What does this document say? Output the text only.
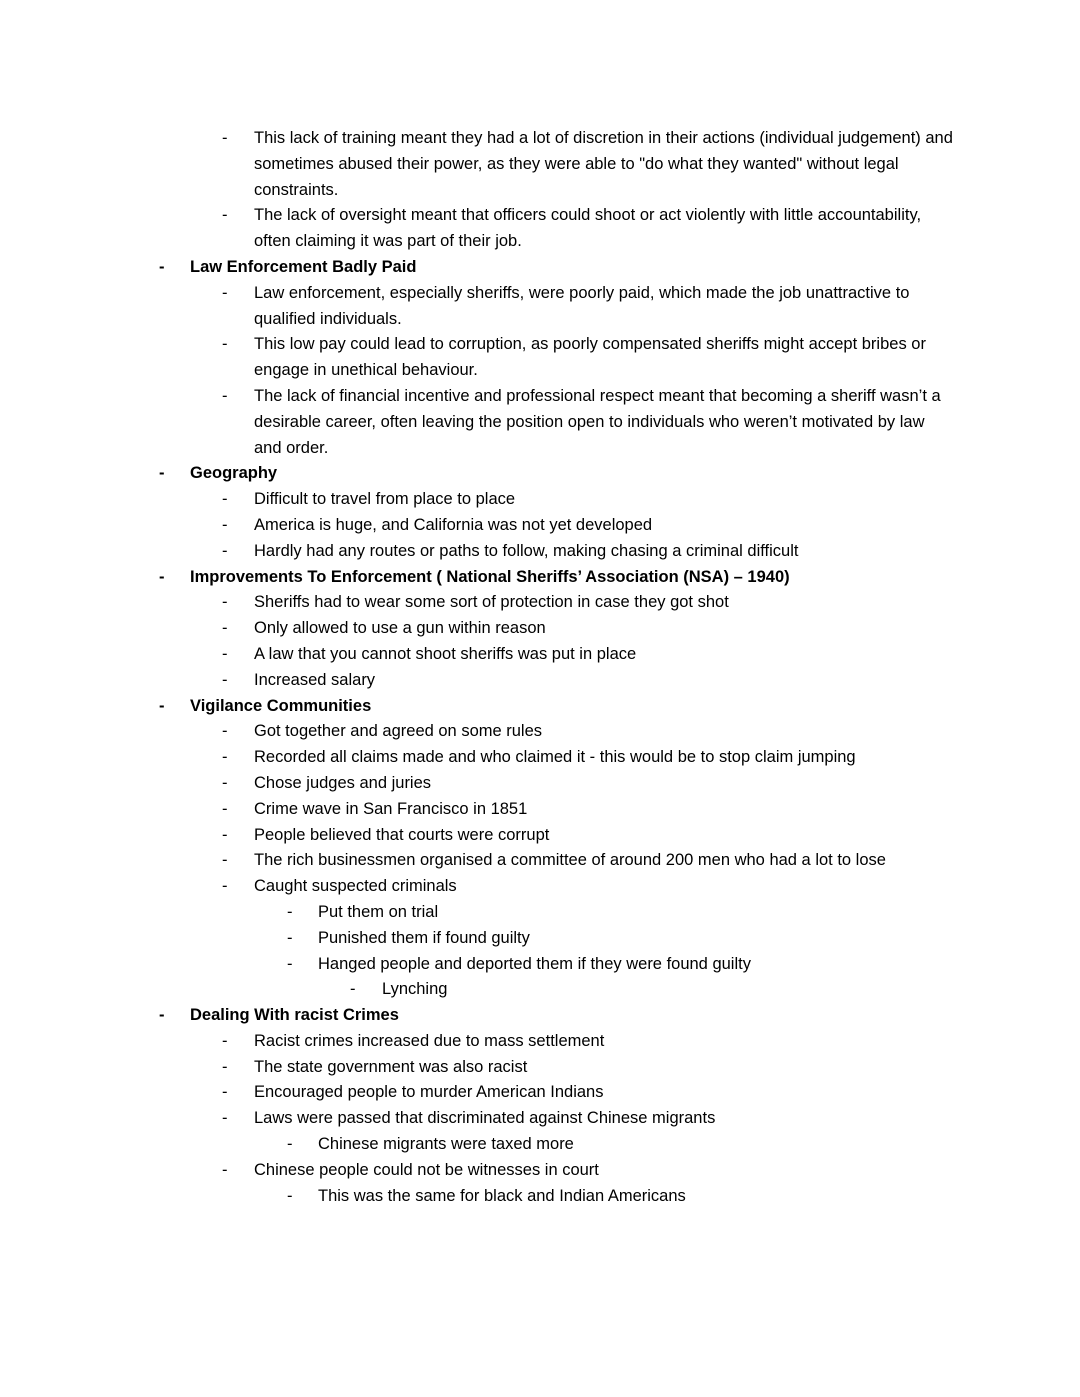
- This lack of training meant they had a lot of discretion in their actions (individual judgement) and sometimes abused their power, as they were able to "do what they wanted" without legal constraints.
- The lack of oversight meant that officers could shoot or act violently with little accountability, often claiming it was part of their job.
- Law Enforcement Badly Paid
- Law enforcement, especially sheriffs, were poorly paid, which made the job unattractive to qualified individuals.
- This low pay could lead to corruption, as poorly compensated sheriffs might accept bribes or engage in unethical behaviour.
- The lack of financial incentive and professional respect meant that becoming a sheriff wasn’t a desirable career, often leaving the position open to individuals who weren’t motivated by law and order.
- Geography
- Difficult to travel from place to place
- America is huge, and California was not yet developed
- Hardly had any routes or paths to follow, making chasing a criminal difficult
- Improvements To Enforcement ( National Sheriffs’ Association (NSA) – 1940)
- Sheriffs had to wear some sort of protection in case they got shot
- Only allowed to use a gun within reason
- A law that you cannot shoot sheriffs was put in place
- Increased salary
- Vigilance Communities
- Got together and agreed on some rules
- Recorded all claims made and who claimed it - this would be to stop claim jumping
- Chose judges and juries
- Crime wave in San Francisco in 1851
- People believed that courts were corrupt
- The rich businessmen organised a committee of around 200 men who had a lot to lose
- Caught suspected criminals
- Put them on trial
- Punished them if found guilty
- Hanged people and deported them if they were found guilty
- Lynching
- Dealing With racist Crimes
- Racist crimes increased due to mass settlement
- The state government was also racist
- Encouraged people to murder American Indians
- Laws were passed that discriminated against Chinese migrants
- Chinese migrants were taxed more
- Chinese people could not be witnesses in court
- This was the same for black and Indian Americans
